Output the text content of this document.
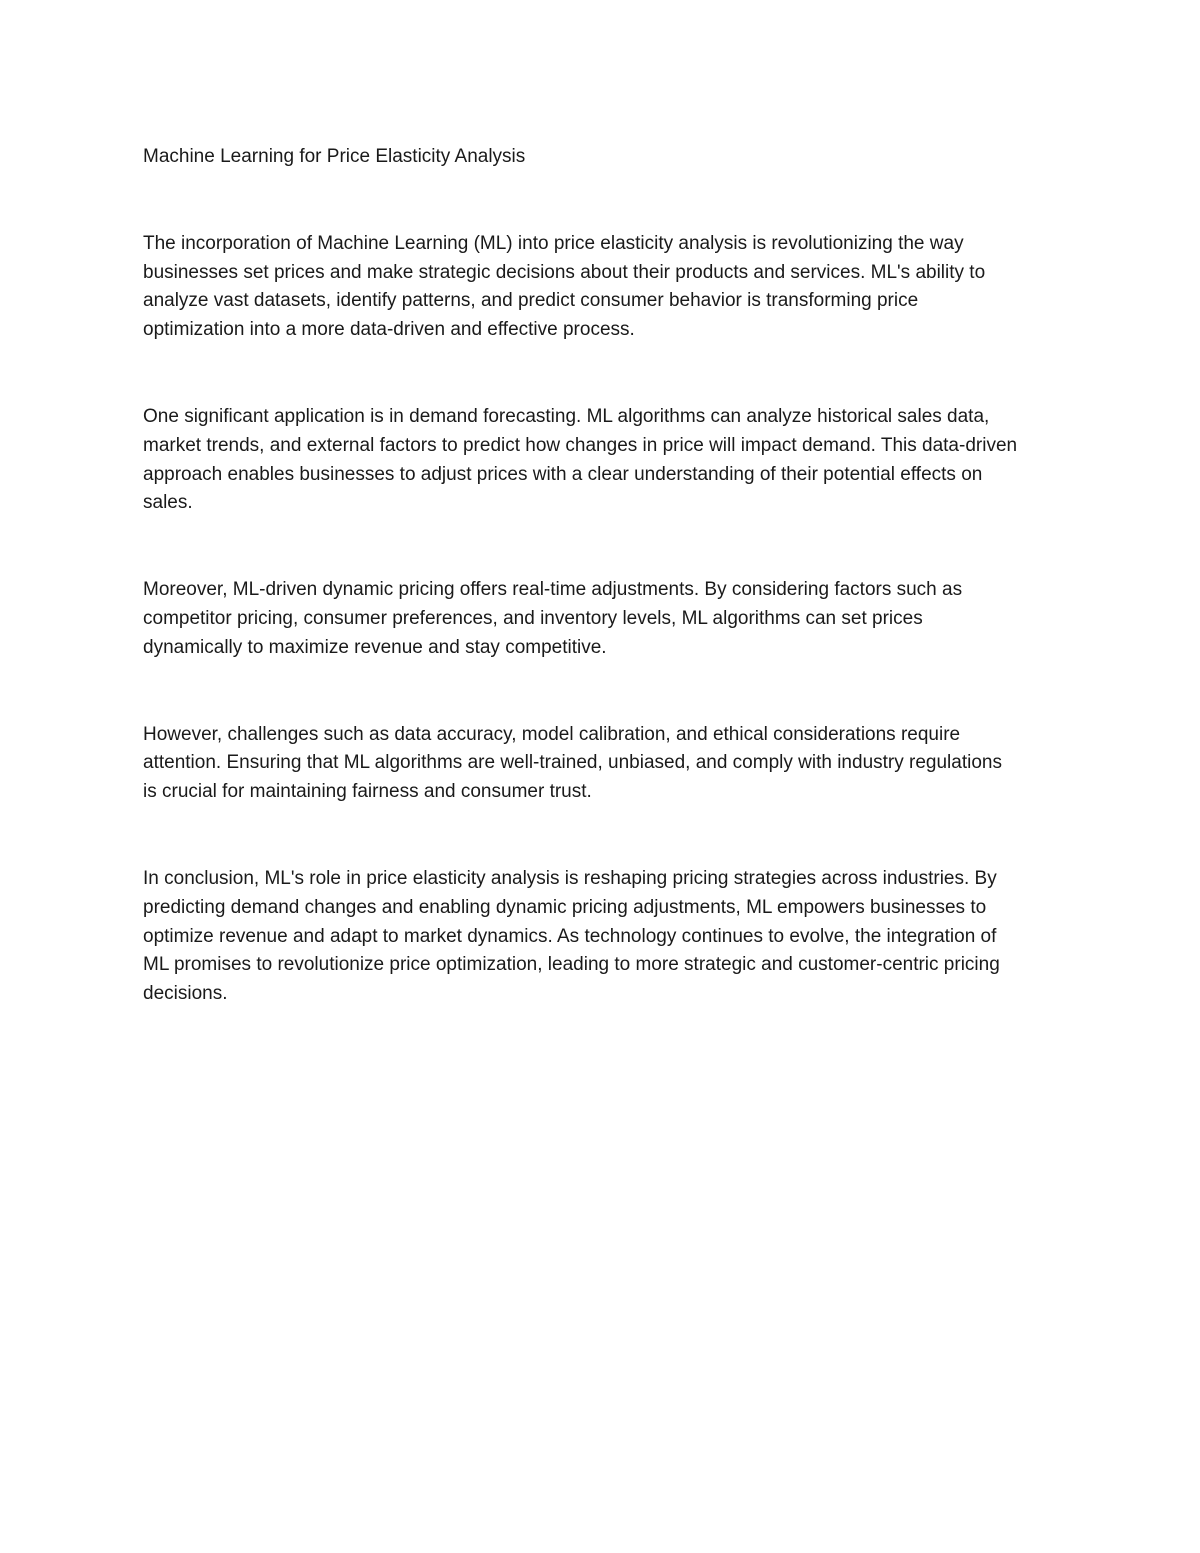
Machine Learning for Price Elasticity Analysis

The incorporation of Machine Learning (ML) into price elasticity analysis is revolutionizing the way
businesses set prices and make strategic decisions about their products and services. ML's ability to
analyze vast datasets, identify patterns, and predict consumer behavior is transforming price
optimization into a more data-driven and effective process.

One significant application is in demand forecasting. ML algorithms can analyze historical sales data,
market trends, and external factors to predict how changes in price will impact demand. This data-driven
approach enables businesses to adjust prices with a clear understanding of their potential effects on
sales.

Moreover, ML-driven dynamic pricing offers real-time adjustments. By considering factors such as
competitor pricing, consumer preferences, and inventory levels, ML algorithms can set prices
dynamically to maximize revenue and stay competitive.

However, challenges such as data accuracy, model calibration, and ethical considerations require
attention. Ensuring that ML algorithms are well-trained, unbiased, and comply with industry regulations
is crucial for maintaining fairness and consumer trust.

In conclusion, ML's role in price elasticity analysis is reshaping pricing strategies across industries. By
predicting demand changes and enabling dynamic pricing adjustments, ML empowers businesses to
optimize revenue and adapt to market dynamics. As technology continues to evolve, the integration of
ML promises to revolutionize price optimization, leading to more strategic and customer-centric pricing
decisions.
